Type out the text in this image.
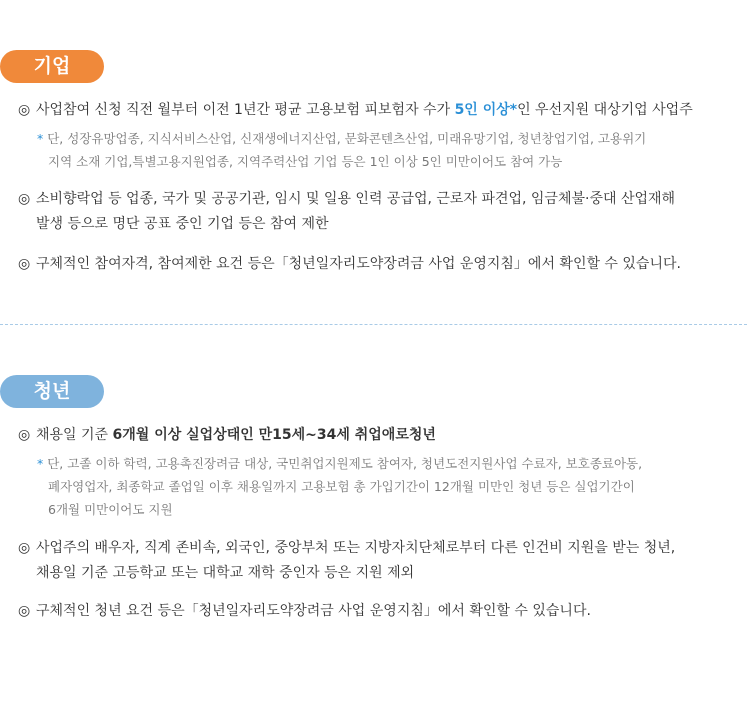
기업
◎ 사업참여 신청 직전 월부터 이전 1년간 평균 고용보험 피보험자 수가 5인 이상*인 우선지원 대상기업 사업주
* 단, 성장유망업종, 지식서비스산업, 신재생에너지산업, 문화콘텐츠산업, 미래유망기업, 청년창업기업, 고용위기
지역 소재 기업,특별고용지원업종, 지역주력산업 기업 등은 1인 이상 5인 미만이어도 참여 가능
◎ 소비향락업 등 업종, 국가 및 공공기관, 임시 및 일용 인력 공급업, 근로자 파견업, 임금체불·중대 산업재해
발생 등으로 명단 공표 중인 기업 등은 참여 제한
◎ 구체적인 참여자격, 참여제한 요건 등은「청년일자리도약장려금 사업 운영지침」에서 확인할 수 있습니다.
청년
◎ 채용일 기준 6개월 이상 실업상태인 만15세~34세 취업애로청년
* 단, 고졸 이하 학력, 고용촉진장려금 대상, 국민취업지원제도 참여자, 청년도전지원사업 수료자, 보호종료아동,
폐자영업자, 최종학교 졸업일 이후 채용일까지 고용보험 총 가입기간이 12개월 미만인 청년 등은 실업기간이
6개월 미만이어도 지원
◎ 사업주의 배우자, 직계 존비속, 외국인, 중앙부처 또는 지방자치단체로부터 다른 인건비 지원을 받는 청년,
채용일 기준 고등학교 또는 대학교 재학 중인자 등은 지원 제외
◎ 구체적인 청년 요건 등은「청년일자리도약장려금 사업 운영지침」에서 확인할 수 있습니다.
